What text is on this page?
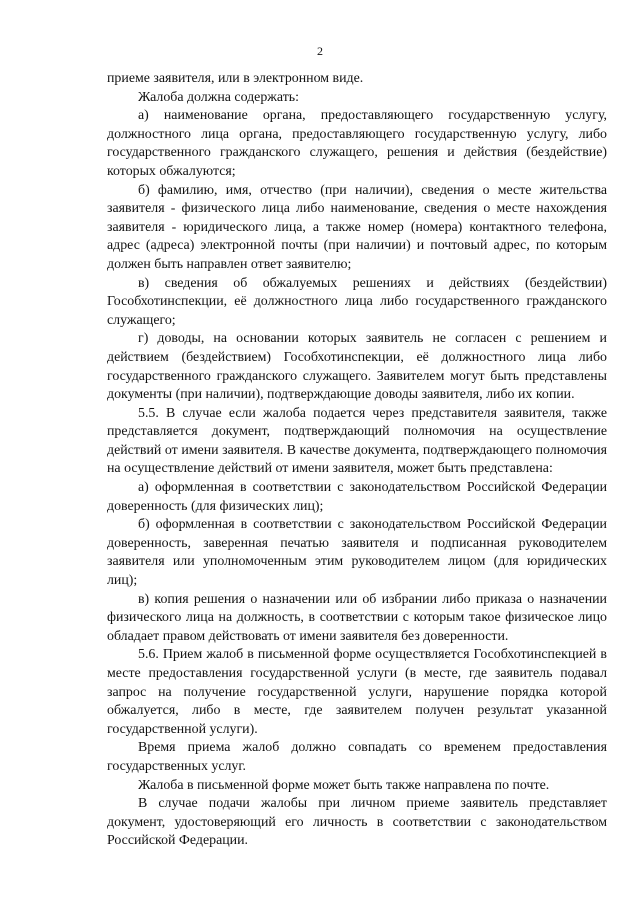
2

приеме заявителя, или в электронном виде.

Жалоба должна содержать:

а) наименование органа, предоставляющего государственную услугу, должностного лица органа, предоставляющего государственную услугу, либо государственного гражданского служащего, решения и действия (бездействие) которых обжалуются;

б) фамилию, имя, отчество (при наличии), сведения о месте жительства заявителя - физического лица либо наименование, сведения о месте нахождения заявителя - юридического лица, а также номер (номера) контактного телефона, адрес (адреса) электронной почты (при наличии) и почтовый адрес, по которым должен быть направлен ответ заявителю;

в) сведения об обжалуемых решениях и действиях (бездействии) Гособхотинспекции, её должностного лица либо государственного гражданского служащего;

г) доводы, на основании которых заявитель не согласен с решением и действием (бездействием) Гособхотинспекции, её должностного лица либо государственного гражданского служащего. Заявителем могут быть представлены документы (при наличии), подтверждающие доводы заявителя, либо их копии.

5.5. В случае если жалоба подается через представителя заявителя, также представляется документ, подтверждающий полномочия на осуществление действий от имени заявителя. В качестве документа, подтверждающего полномочия на осуществление действий от имени заявителя, может быть представлена:

а) оформленная в соответствии с законодательством Российской Федерации доверенность (для физических лиц);

б) оформленная в соответствии с законодательством Российской Федерации доверенность, заверенная печатью заявителя и подписанная руководителем заявителя или уполномоченным этим руководителем лицом (для юридических лиц);

в) копия решения о назначении или об избрании либо приказа о назначении физического лица на должность, в соответствии с которым такое физическое лицо обладает правом действовать от имени заявителя без доверенности.

5.6. Прием жалоб в письменной форме осуществляется Гособхотинспекцией в месте предоставления государственной услуги (в месте, где заявитель подавал запрос на получение государственной услуги, нарушение порядка которой обжалуется, либо в месте, где заявителем получен результат указанной государственной услуги).

Время приема жалоб должно совпадать со временем предоставления государственных услуг.

Жалоба в письменной форме может быть также направлена по почте.

В случае подачи жалобы при личном приеме заявитель представляет документ, удостоверяющий его личность в соответствии с законодательством Российской Федерации.
